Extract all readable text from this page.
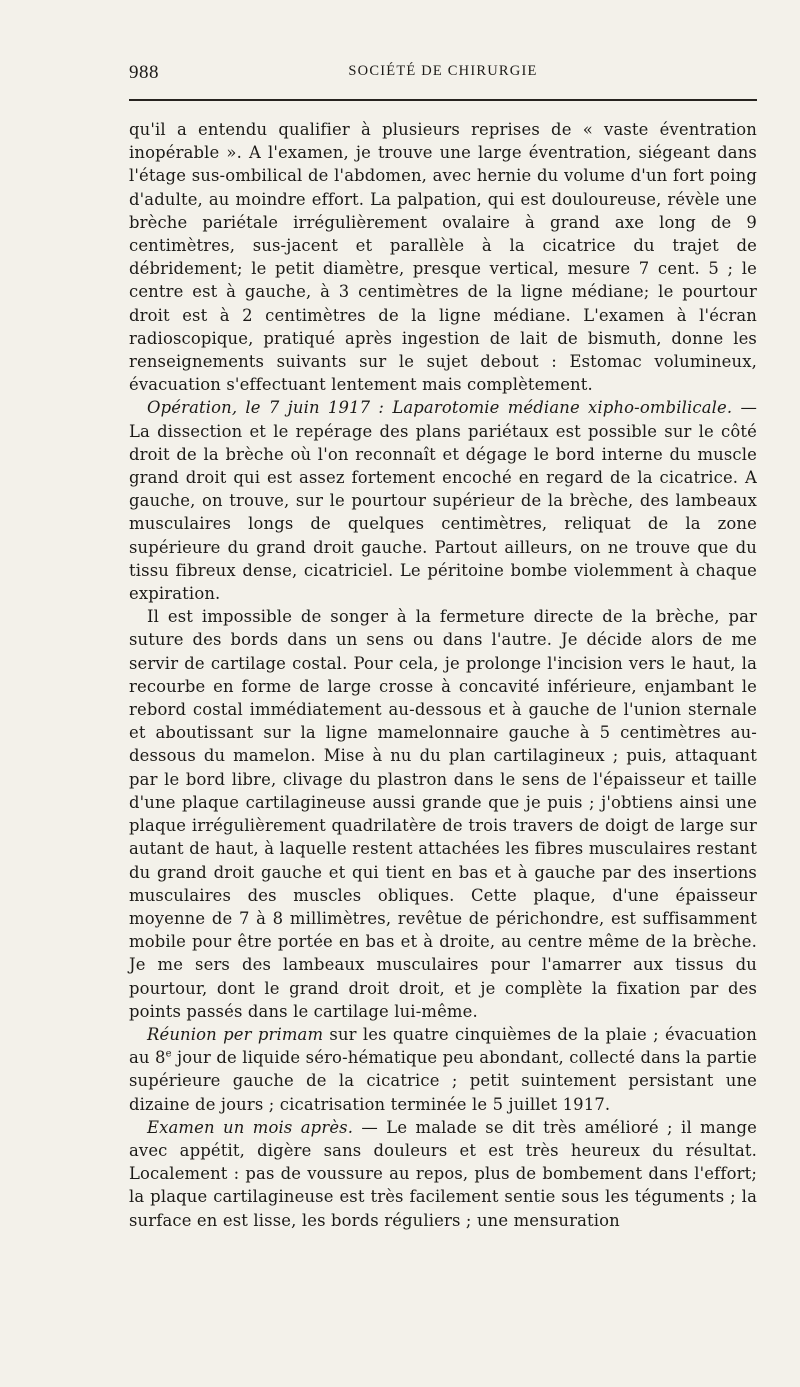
988	SOCIÉTÉ DE CHIRURGIE

qu'il a entendu qualifier à plusieurs reprises de « vaste éventration inopérable ». A l'examen, je trouve une large éventration, siégeant dans l'étage sus-ombilical de l'abdomen, avec hernie du volume d'un fort poing d'adulte, au moindre effort. La palpation, qui est douloureuse, révèle une brèche pariétale irrégulièrement ovalaire à grand axe long de 9 centimètres, sus-jacent et parallèle à la cicatrice du trajet de débridement; le petit diamètre, presque vertical, mesure 7 cent. 5 ; le centre est à gauche, à 3 centimètres de la ligne médiane; le pourtour droit est à 2 centimètres de la ligne médiane. L'examen à l'écran radioscopique, pratiqué après ingestion de lait de bismuth, donne les renseignements suivants sur le sujet debout : Estomac volumineux, évacuation s'effectuant lentement mais complètement.

Opération, le 7 juin 1917 : Laparotomie médiane xipho-ombilicale. — La dissection et le repérage des plans pariétaux est possible sur le côté droit de la brèche où l'on reconnaît et dégage le bord interne du muscle grand droit qui est assez fortement encoché en regard de la cicatrice. A gauche, on trouve, sur le pourtour supérieur de la brèche, des lambeaux musculaires longs de quelques centimètres, reliquat de la zone supérieure du grand droit gauche. Partout ailleurs, on ne trouve que du tissu fibreux dense, cicatriciel. Le péritoine bombe violemment à chaque expiration.

Il est impossible de songer à la fermeture directe de la brèche, par suture des bords dans un sens ou dans l'autre. Je décide alors de me servir de cartilage costal. Pour cela, je prolonge l'incision vers le haut, la recourbe en forme de large crosse à concavité inférieure, enjambant le rebord costal immédiatement au-dessous et à gauche de l'union sternale et aboutissant sur la ligne mamelonnaire gauche à 5 centimètres au-dessous du mamelon. Mise à nu du plan cartilagineux ; puis, attaquant par le bord libre, clivage du plastron dans le sens de l'épaisseur et taille d'une plaque cartilagineuse aussi grande que je puis ; j'obtiens ainsi une plaque irrégulièrement quadrilatère de trois travers de doigt de large sur autant de haut, à laquelle restent attachées les fibres musculaires restant du grand droit gauche et qui tient en bas et à gauche par des insertions musculaires des muscles obliques. Cette plaque, d'une épaisseur moyenne de 7 à 8 millimètres, revêtue de périchondre, est suffisamment mobile pour être portée en bas et à droite, au centre même de la brèche. Je me sers des lambeaux musculaires pour l'amarrer aux tissus du pourtour, dont le grand droit droit, et je complète la fixation par des points passés dans le cartilage lui-même.

Réunion per primam sur les quatre cinquièmes de la plaie ; évacuation au 8e jour de liquide séro-hématique peu abondant, collecté dans la partie supérieure gauche de la cicatrice ; petit suintement persistant une dizaine de jours ; cicatrisation terminée le 5 juillet 1917.

Examen un mois après. — Le malade se dit très amélioré ; il mange avec appétit, digère sans douleurs et est très heureux du résultat. Localement : pas de voussure au repos, plus de bombement dans l'effort; la plaque cartilagineuse est très facilement sentie sous les téguments ; la surface en est lisse, les bords réguliers ; une mensuration
